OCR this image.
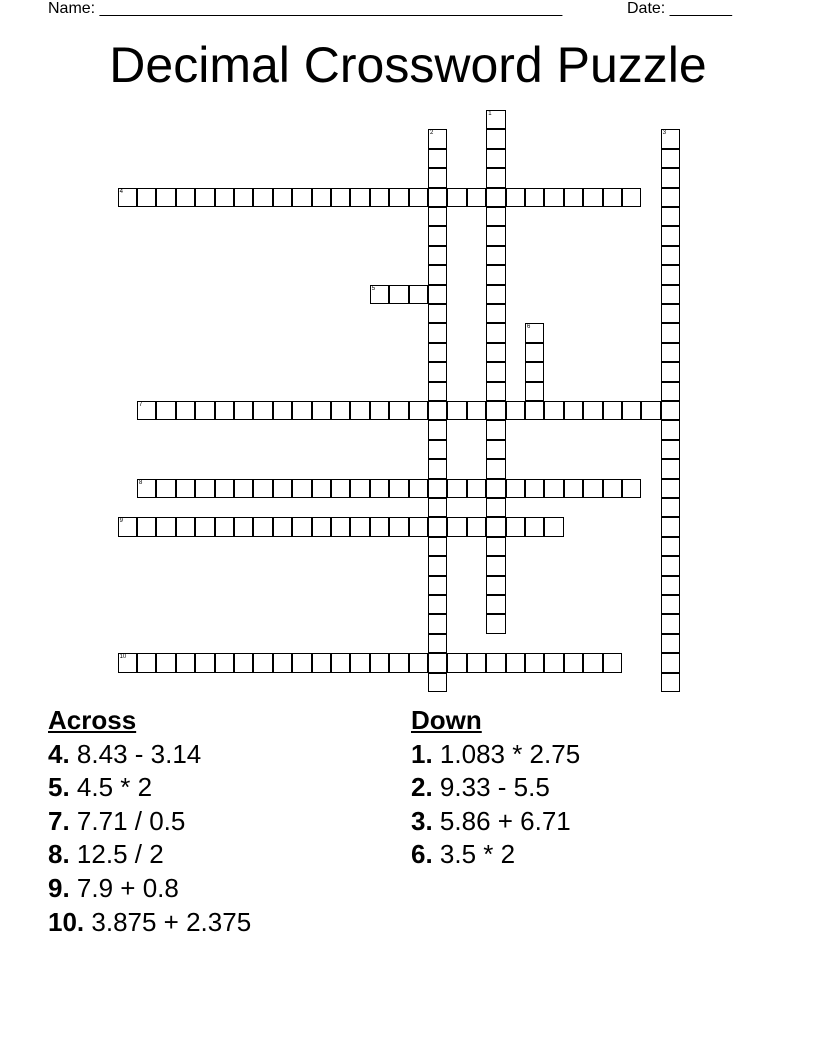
Name: ____________________________________________________	Date: _______
Decimal Crossword Puzzle
1
2	3
4
5
6
7
8
9
10
Across
4. 8.43 - 3.14
5. 4.5 * 2
7. 7.71 / 0.5
8. 12.5 / 2
9. 7.9 + 0.8
10. 3.875 + 2.375
Down
1. 1.083 * 2.75
2. 9.33 - 5.5
3. 5.86 + 6.71
6. 3.5 * 2
